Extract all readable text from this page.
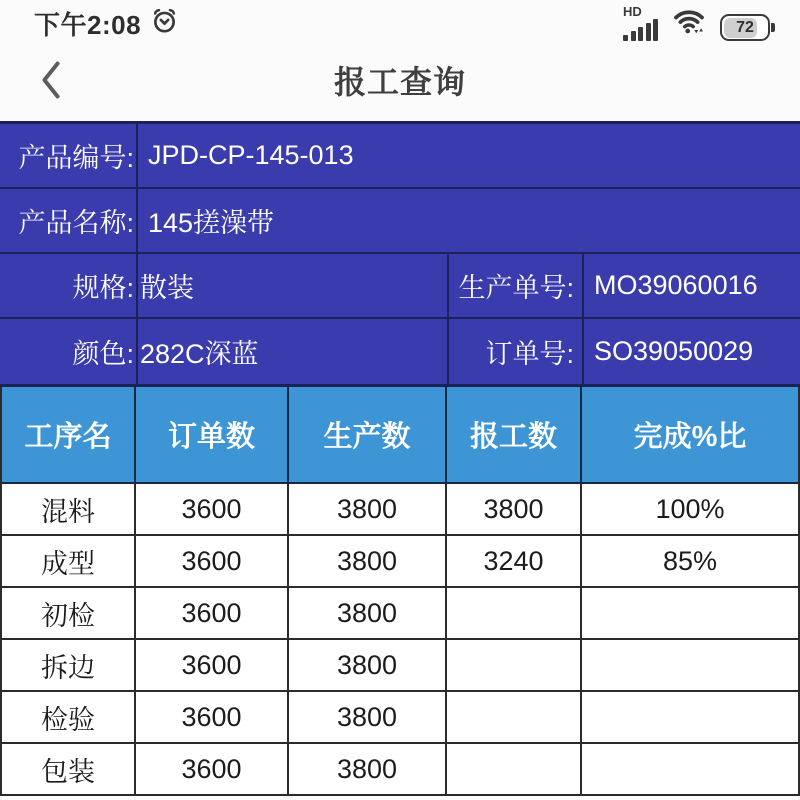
下午2:08	HD
72
报工查询
产品编号: JPD-CP-145-013
产品名称: 145搓澡带
规格: 散装	生产单号: MO39060016
颜色: 282C深蓝	订单号: SO39050029
工序名	订单数	生产数	报工数	完成%比
混料	3600	3800	3800	100%
成型	3600	3800	3240	85%
初检	3600	3800
拆边	3600	3800
检验	3600	3800
包装	3600	3800
